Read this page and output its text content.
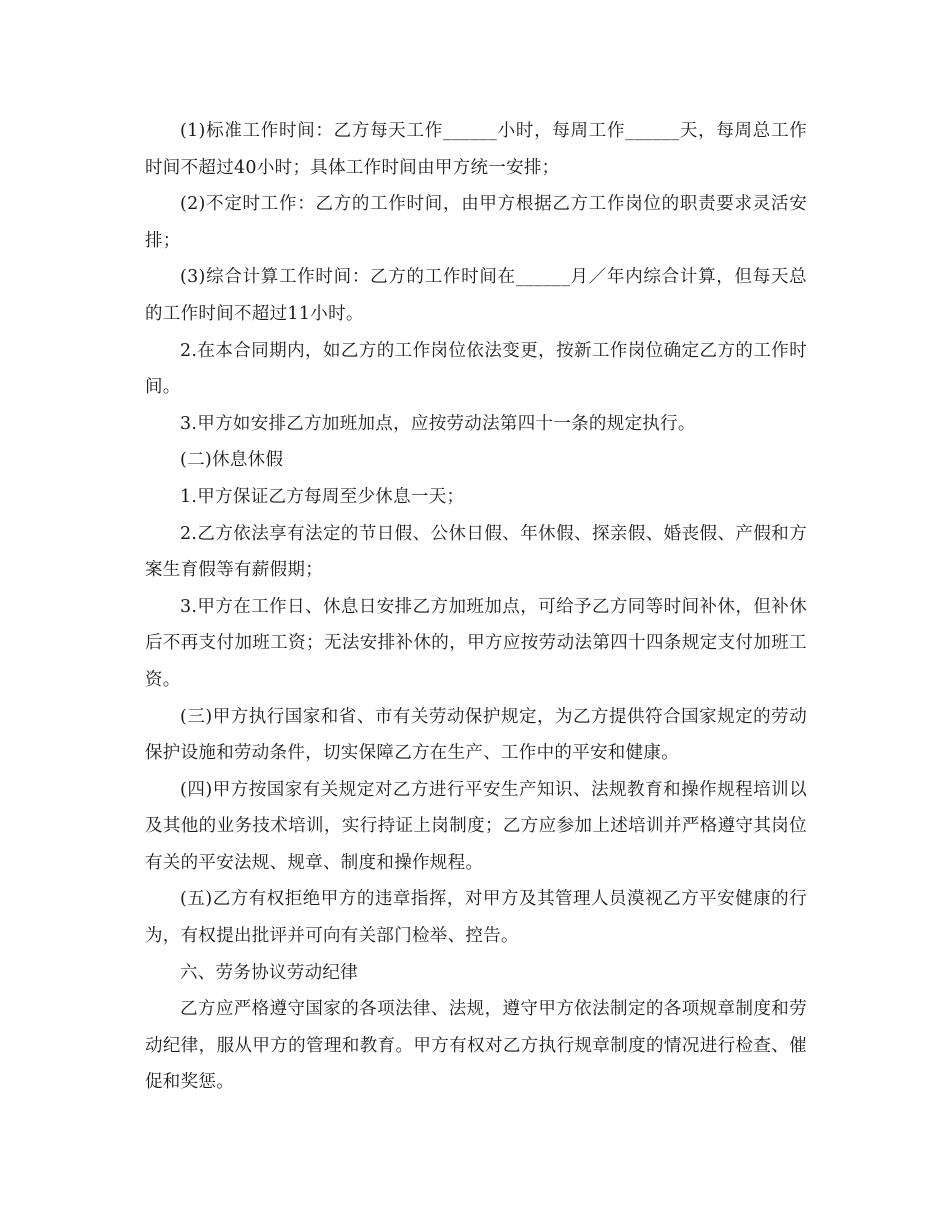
(1)标准工作时间：乙方每天工作______小时，每周工作______天，每周总工作时间不超过40小时；具体工作时间由甲方统一安排；

(2)不定时工作：乙方的工作时间，由甲方根据乙方工作岗位的职责要求灵活安排；

(3)综合计算工作时间：乙方的工作时间在______月／年内综合计算，但每天总的工作时间不超过11小时。

2.在本合同期内，如乙方的工作岗位依法变更，按新工作岗位确定乙方的工作时间。

3.甲方如安排乙方加班加点，应按劳动法第四十一条的规定执行。

(二)休息休假

1.甲方保证乙方每周至少休息一天；

2.乙方依法享有法定的节日假、公休日假、年休假、探亲假、婚丧假、产假和方案生育假等有薪假期；

3.甲方在工作日、休息日安排乙方加班加点，可给予乙方同等时间补休，但补休后不再支付加班工资；无法安排补休的，甲方应按劳动法第四十四条规定支付加班工资。

(三)甲方执行国家和省、市有关劳动保护规定，为乙方提供符合国家规定的劳动保护设施和劳动条件，切实保障乙方在生产、工作中的平安和健康。

(四)甲方按国家有关规定对乙方进行平安生产知识、法规教育和操作规程培训以及其他的业务技术培训，实行持证上岗制度；乙方应参加上述培训并严格遵守其岗位有关的平安法规、规章、制度和操作规程。

(五)乙方有权拒绝甲方的违章指挥，对甲方及其管理人员漠视乙方平安健康的行为，有权提出批评并可向有关部门检举、控告。

六、劳务协议劳动纪律

乙方应严格遵守国家的各项法律、法规，遵守甲方依法制定的各项规章制度和劳动纪律，服从甲方的管理和教育。甲方有权对乙方执行规章制度的情况进行检查、催促和奖惩。
